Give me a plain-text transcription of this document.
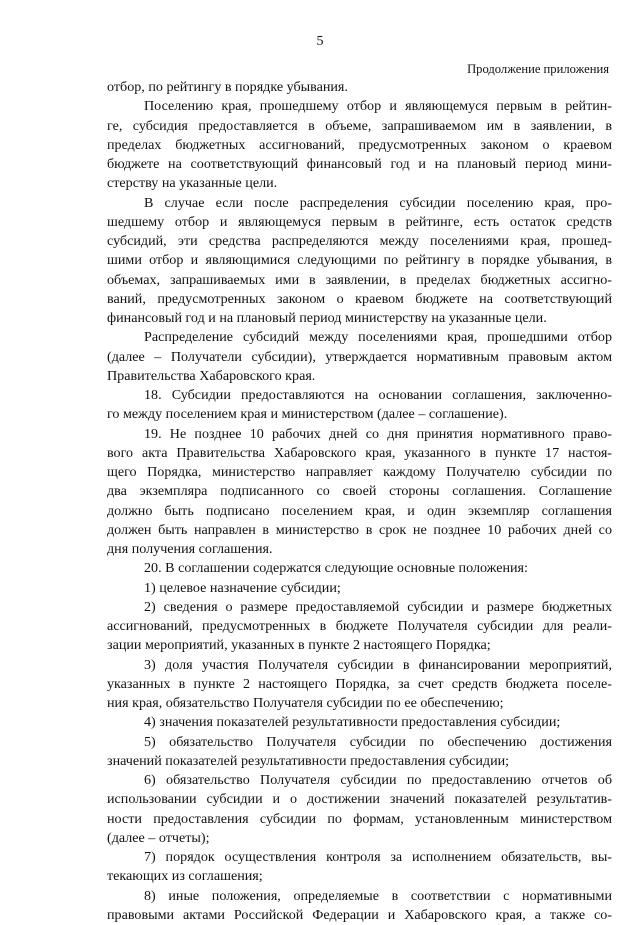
5
Продолжение приложения

отбор, по рейтингу в порядке убывания.

Поселению края, прошедшему отбор и являющемуся первым в рейтин-

ге, субсидия предоставляется в объеме, запрашиваемом им в заявлении, в

пределах бюджетных ассигнований, предусмотренных законом о краевом

бюджете на соответствующий финансовый год и на плановый период мини-

стерству на указанные цели.

В случае если после распределения субсидии поселению края, про-

шедшему отбор и являющемуся первым в рейтинге, есть остаток средств

субсидий, эти средства распределяются между поселениями края, прошед-

шими отбор и являющимися следующими по рейтингу в порядке убывания, в

объемах, запрашиваемых ими в заявлении, в пределах бюджетных ассигно-

ваний, предусмотренных законом о краевом бюджете на соответствующий

финансовый год и на плановый период министерству на указанные цели.

Распределение субсидий между поселениями края, прошедшими отбор

(далее – Получатели субсидии), утверждается нормативным правовым актом

Правительства Хабаровского края.

18. Субсидии предоставляются на основании соглашения, заключенно-

го между поселением края и министерством (далее – соглашение).

19. Не позднее 10 рабочих дней со дня принятия нормативного право-

вого акта Правительства Хабаровского края, указанного в пункте 17 настоя-

щего Порядка, министерство направляет каждому Получателю субсидии по

два экземпляра подписанного со своей стороны соглашения. Соглашение

должно быть подписано поселением края, и один экземпляр соглашения

должен быть направлен в министерство в срок не позднее 10 рабочих дней со

дня получения соглашения.

20. В соглашении содержатся следующие основные положения:

1) целевое назначение субсидии;

2) сведения о размере предоставляемой субсидии и размере бюджетных

ассигнований, предусмотренных в бюджете Получателя субсидии для реали-

зации мероприятий, указанных в пункте 2 настоящего Порядка;

3) доля участия Получателя субсидии в финансировании мероприятий,

указанных в пункте 2 настоящего Порядка, за счет средств бюджета поселе-

ния края, обязательство Получателя субсидии по ее обеспечению;

4) значения показателей результативности предоставления субсидии;

5) обязательство Получателя субсидии по обеспечению достижения

значений показателей результативности предоставления субсидии;

6) обязательство Получателя субсидии по предоставлению отчетов об

использовании субсидии и о достижении значений показателей результатив-

ности предоставления субсидии по формам, установленным министерством

(далее – отчеты);

7) порядок осуществления контроля за исполнением обязательств, вы-

текающих из соглашения;

8) иные положения, определяемые в соответствии с нормативными

правовыми актами Российской Федерации и Хабаровского края, а также со-
